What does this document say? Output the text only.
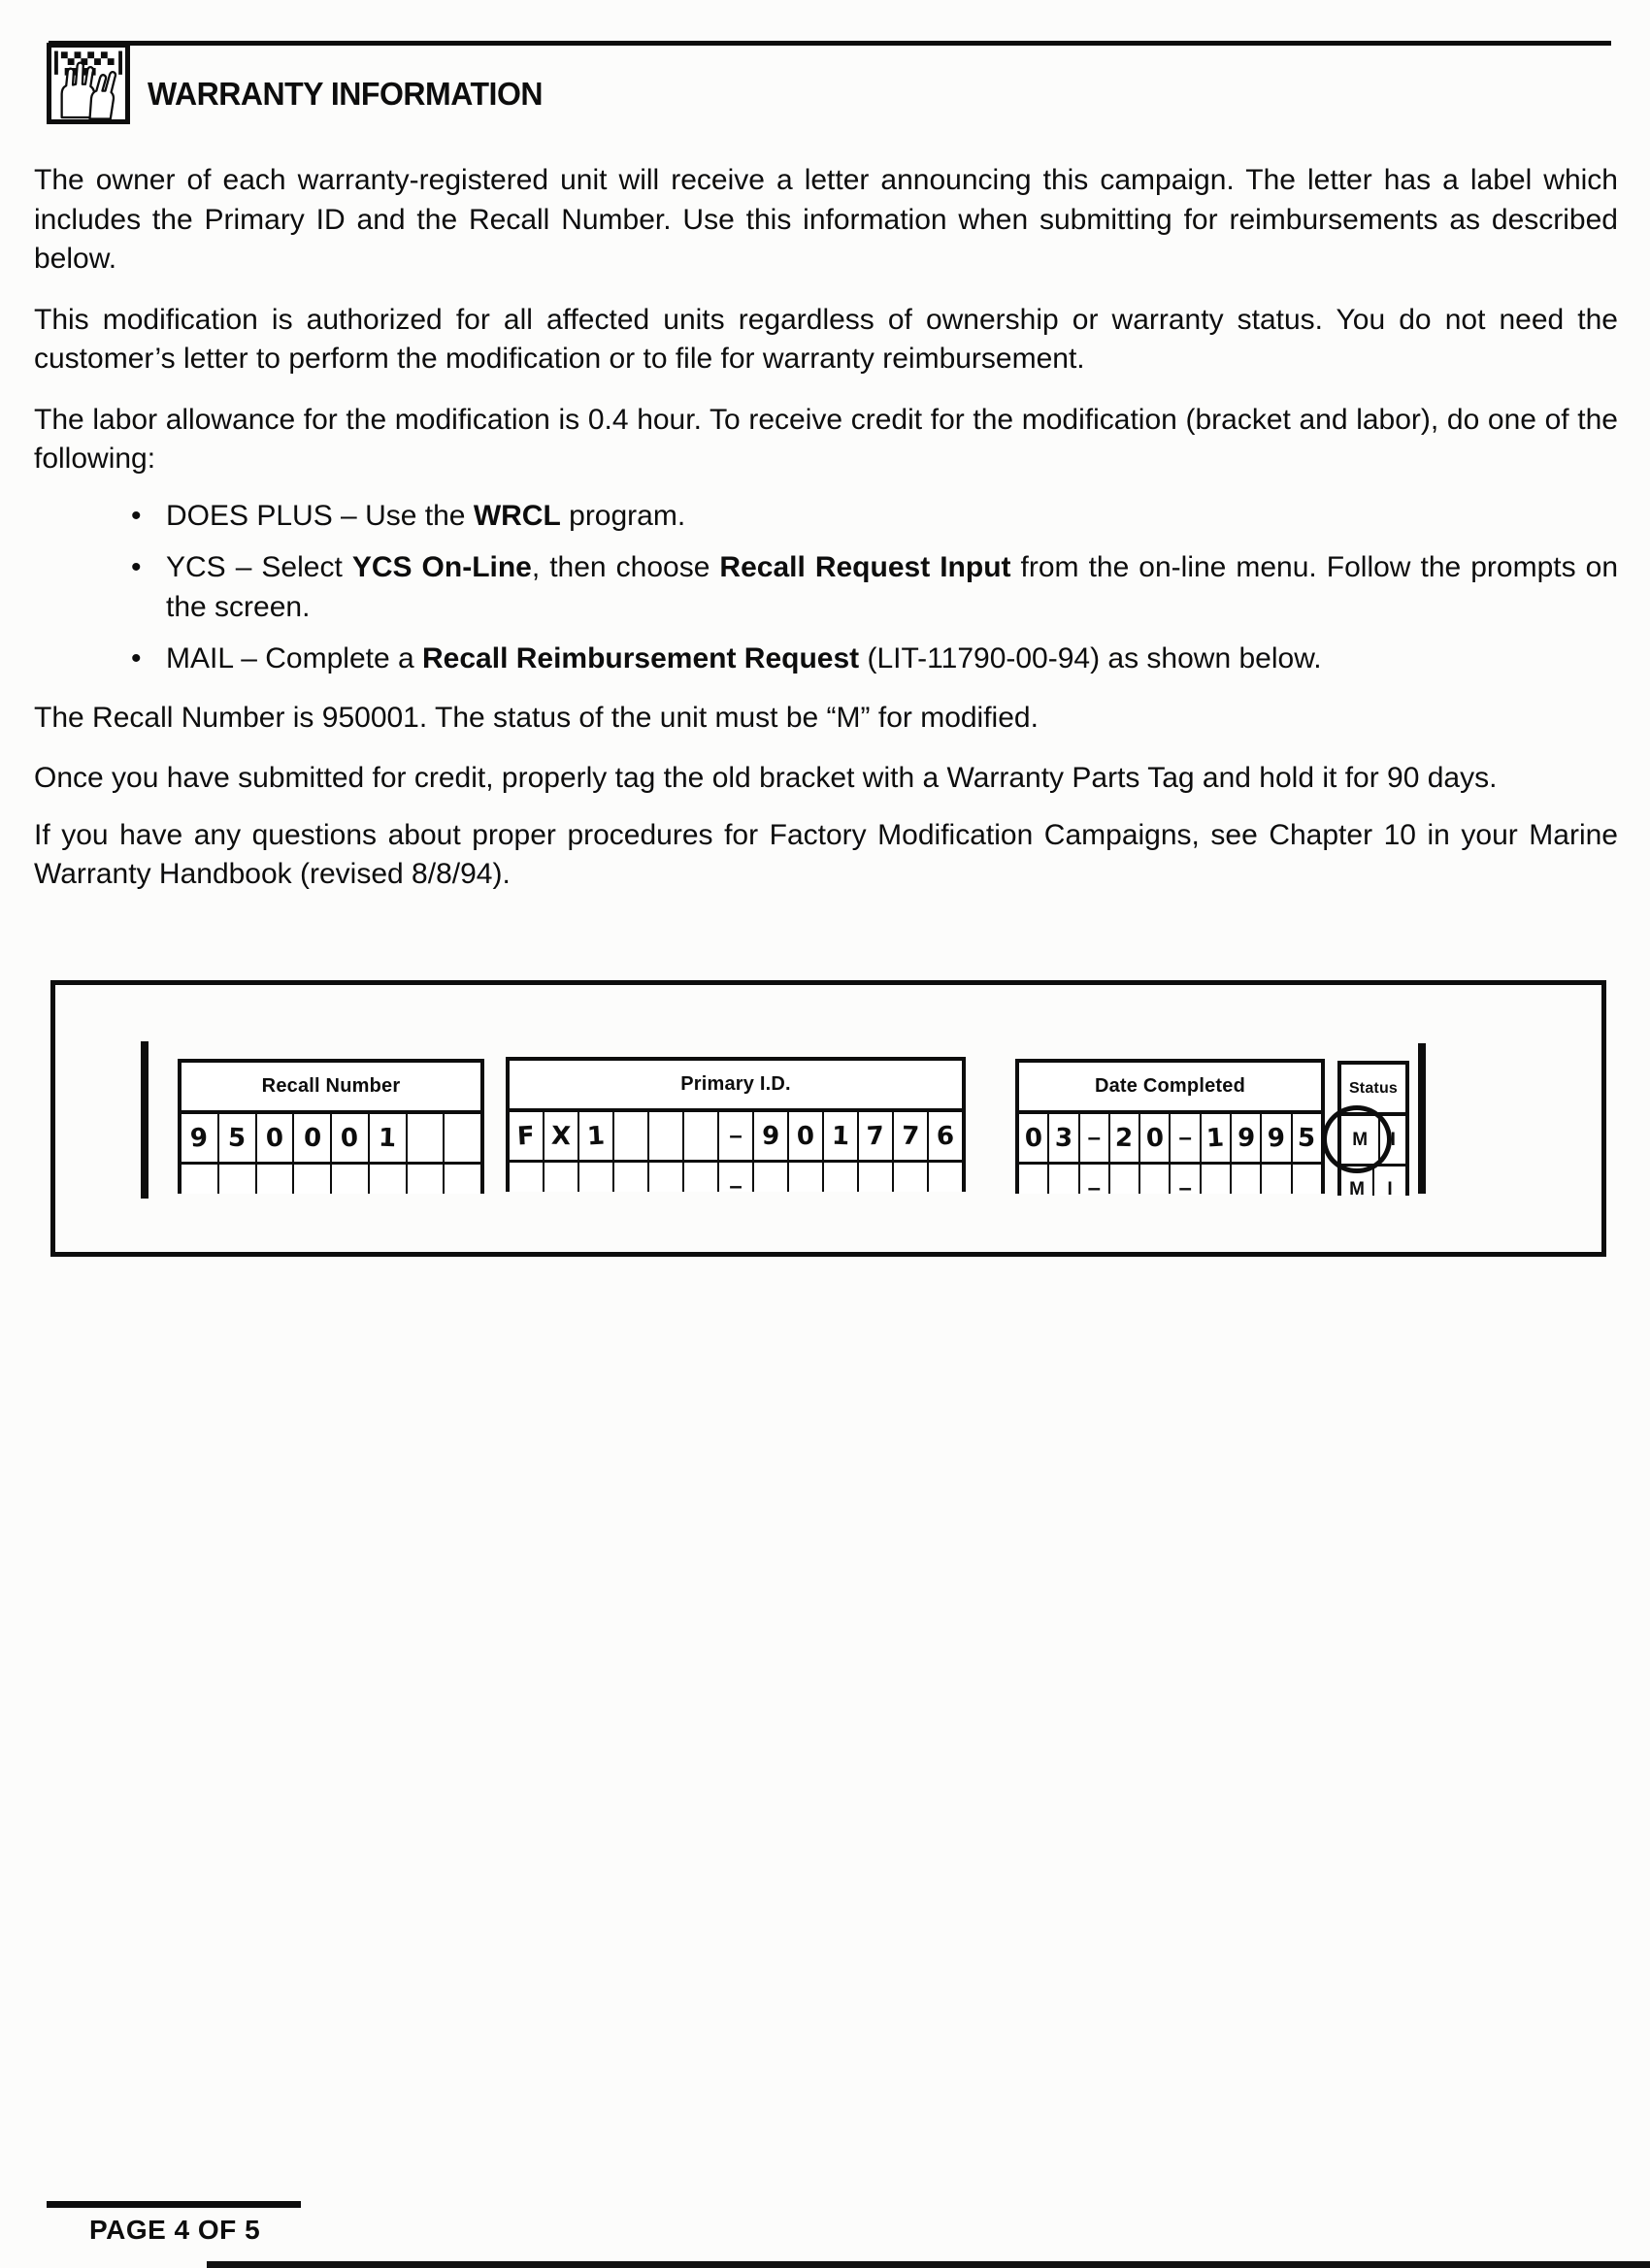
WARRANTY INFORMATION

The owner of each warranty-registered unit will receive a letter announcing this campaign. The letter has a label which includes the Primary ID and the Recall Number. Use this information when submitting for reimbursements as described below.

This modification is authorized for all affected units regardless of ownership or warranty status. You do not need the customer’s letter to perform the modification or to file for warranty reimbursement.

The labor allowance for the modification is 0.4 hour. To receive credit for the modification (bracket and labor), do one of the following:

• DOES PLUS – Use the WRCL program.
• YCS – Select YCS On-Line, then choose Recall Request Input from the on-line menu. Follow the prompts on the screen.
• MAIL – Complete a Recall Reimbursement Request (LIT-11790-00-94) as shown below.

The Recall Number is 950001. The status of the unit must be “M” for modified.

Once you have submitted for credit, properly tag the old bracket with a Warranty Parts Tag and hold it for 90 days.

If you have any questions about proper procedures for Factory Modification Campaigns, see Chapter 10 in your Marine Warranty Handbook (revised 8/8/94).

Recall Number
9 5 0 0 0 1
Primary I.D.
F X 1	– 9 0 1 7 7 6
–
Date Completed
0 3 – 2 0 – 1 9 9 5
–	–
Status
M I
M I
PAGE 4 OF 5
